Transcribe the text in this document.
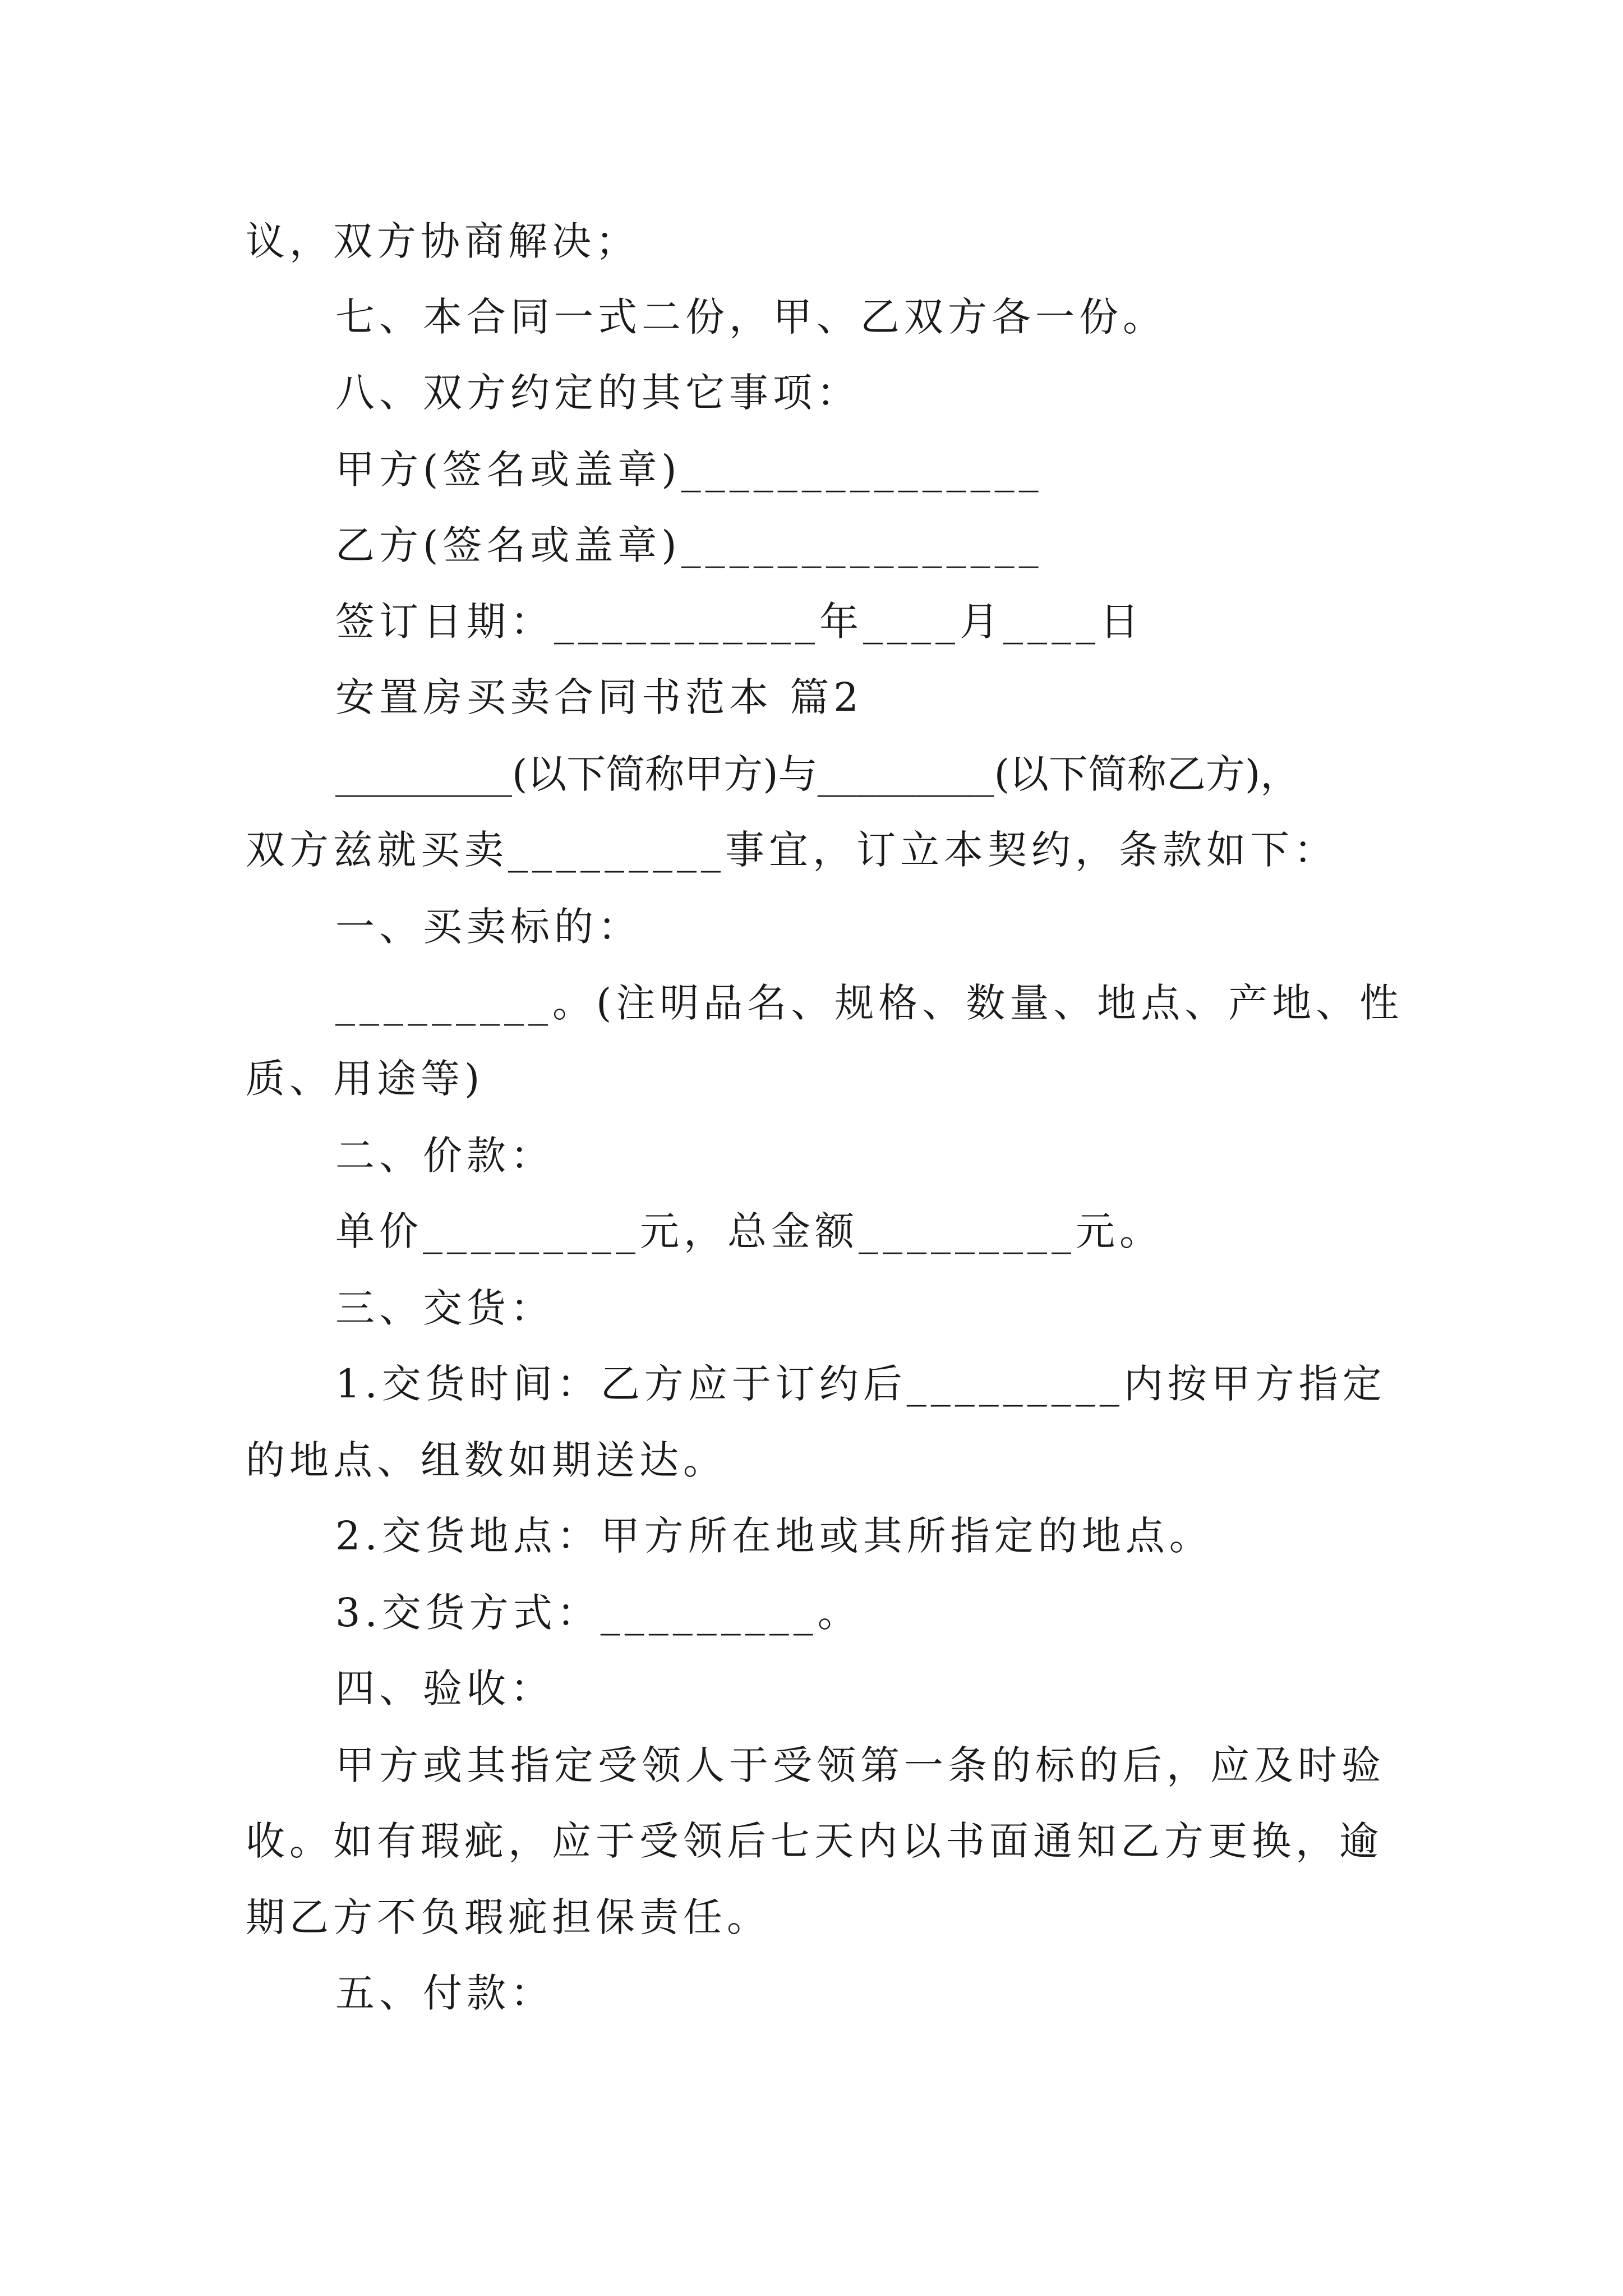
议，双方协商解决；
七、本合同一式二份，甲、乙双方各一份。
八、双方约定的其它事项：
甲方(签名或盖章)_______________
乙方(签名或盖章)_______________
签订日期：___________年____月____日
安置房买卖合同书范本 篇2
_________(以下简称甲方)与_________(以下简称乙方)，
双方兹就买卖_________事宜，订立本契约，条款如下：
一、买卖标的：
_________。(注明品名、规格、数量、地点、产地、性
质、用途等)
二、价款：
单价_________元，总金额_________元。
三、交货：
1.交货时间：乙方应于订约后_________内按甲方指定
的地点、组数如期送达。
2.交货地点：甲方所在地或其所指定的地点。
3.交货方式：_________。
四、验收：
甲方或其指定受领人于受领第一条的标的后，应及时验
收。如有瑕疵，应于受领后七天内以书面通知乙方更换，逾
期乙方不负瑕疵担保责任。
五、付款：
